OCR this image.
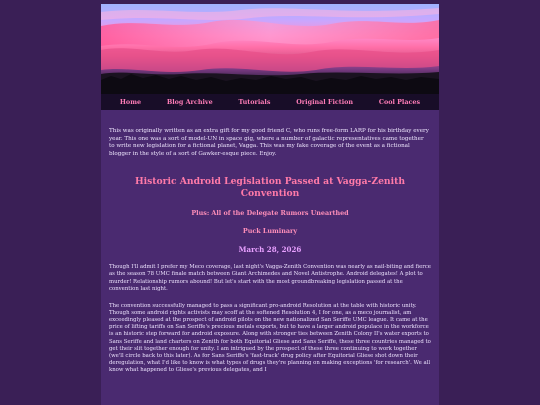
Home	Blog Archive	Tutorials	Original Fiction	Cool Places

This was originally written as an extra gift for my good friend C, who runs free-form LARP for his birthday every year. This one was a sort of model-UN in space gig, where a number of galactic representatives came together to write new legislation for a fictional planet, Vagga. This was my fake coverage of the event as a fictional blogger in the style of a sort of Gawker-esque piece. Enjoy.

Historic Android Legislation Passed at Vagga-Zenith Convention

Plus: All of the Delegate Rumors Unearthed

Puck Luminary

March 28, 2026

Though I'll admit I prefer my Meco coverage, last night's Vagga-Zenith Convention was nearly as nail-biting and fierce as the season 78 UMC finale match between Giant Archimedes and Novel Antistrophe. Android delegates! A plot to murder! Relationship rumors abound! But let's start with the most groundbreaking legislation passed at the convention last night.

The convention successfully managed to pass a significant pro-android Resolution at the table with historic unity. Though some android rights activists may scoff at the softened Resolution 4, I for one, as a meco journalist, am exceedingly pleased at the prospect of android pilots on the new nationalized San Seriffe UMC league. It came at the price of lifting tariffs on San Seriffe's precious metals exports, but to have a larger android populace in the workforce is an historic step forward for android exposure. Along with stronger ties between Zenith Colony II's water exports to Sans Seriffe and land charters on Zenith for both Equitorial Gliese and Sans Seriffe, these three countries managed to get their slit together enough for unity. I am intrigued by the prospect of these three continuing to work together (we'll circle back to this later). As for Sans Seriffe's 'fast-track' drug policy after Equitorial Gliese shot down their deregulation, what I'd like to know is what types of drugs they're planning on making exceptions 'for research'. We all know what happened to Gliese's previous delegates, and I
